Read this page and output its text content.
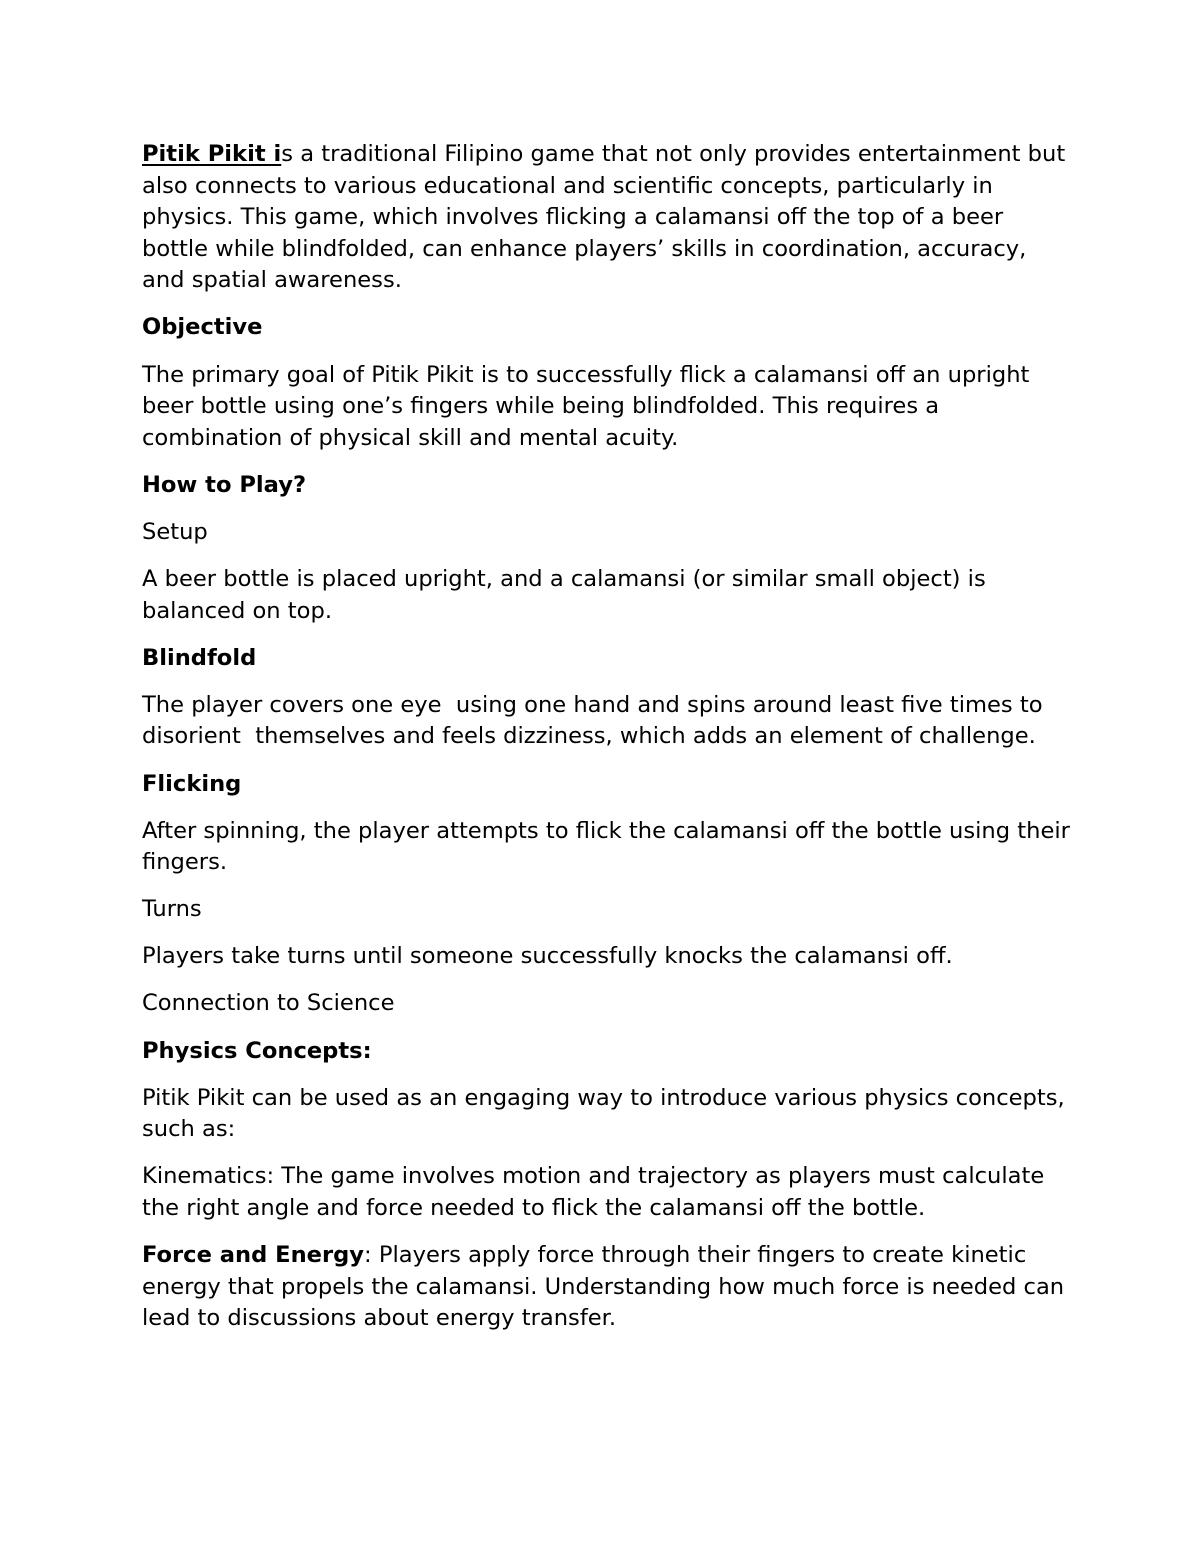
Pitik Pikit is a traditional Filipino game that not only provides entertainment but also connects to various educational and scientific concepts, particularly in physics. This game, which involves flicking a calamansi off the top of a beer bottle while blindfolded, can enhance players’ skills in coordination, accuracy, and spatial awareness.

Objective

The primary goal of Pitik Pikit is to successfully flick a calamansi off an upright beer bottle using one’s fingers while being blindfolded. This requires a combination of physical skill and mental acuity.

How to Play?

Setup

A beer bottle is placed upright, and a calamansi (or similar small object) is balanced on top.

Blindfold

The player covers one eye  using one hand and spins around least five times to disorient  themselves and feels dizziness, which adds an element of challenge.

Flicking

After spinning, the player attempts to flick the calamansi off the bottle using their fingers.

Turns

Players take turns until someone successfully knocks the calamansi off.

Connection to Science

Physics Concepts:

Pitik Pikit can be used as an engaging way to introduce various physics concepts, such as:

Kinematics: The game involves motion and trajectory as players must calculate the right angle and force needed to flick the calamansi off the bottle.

Force and Energy: Players apply force through their fingers to create kinetic energy that propels the calamansi. Understanding how much force is needed can lead to discussions about energy transfer.
